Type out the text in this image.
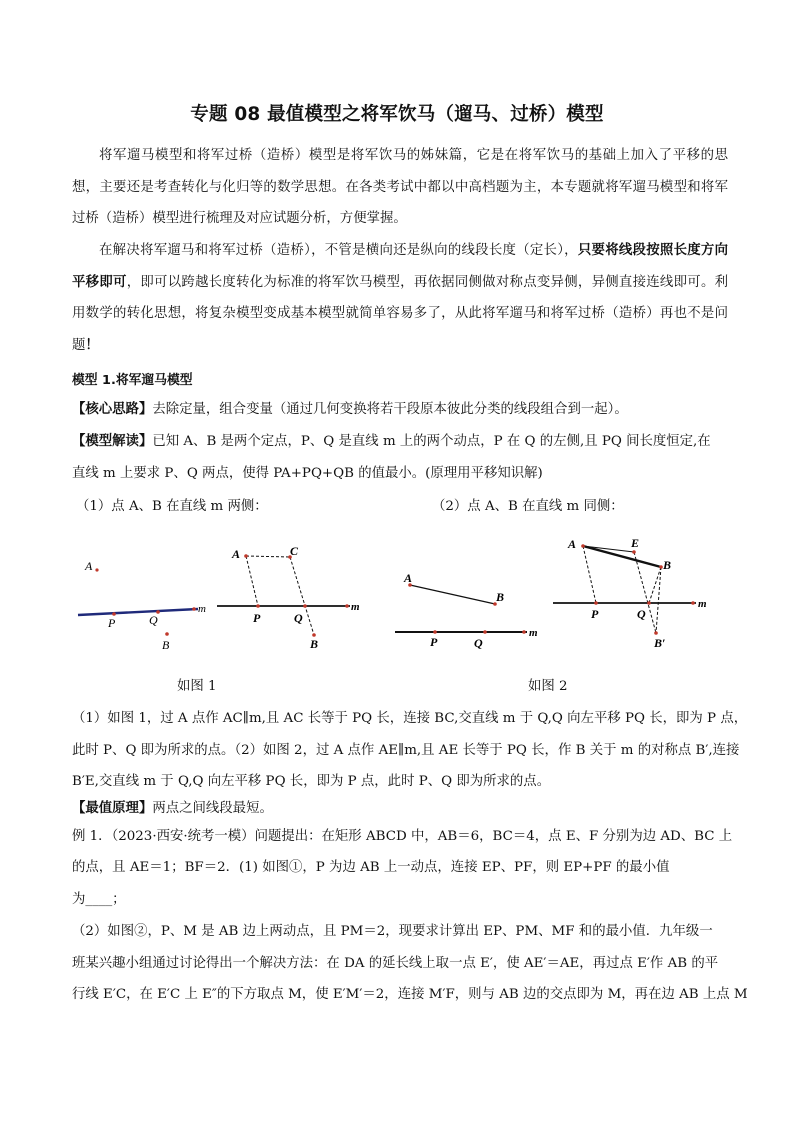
专题 08 最值模型之将军饮马（遛马、过桥）模型
将军遛马模型和将军过桥（造桥）模型是将军饮马的姊妹篇，它是在将军饮马的基础上加入了平移的思想，主要还是考查转化与化归等的数学思想。在各类考试中都以中高档题为主，本专题就将军遛马模型和将军过桥（造桥）模型进行梳理及对应试题分析，方便掌握。
在解决将军遛马和将军过桥（造桥），不管是横向还是纵向的线段长度（定长），只要将线段按照长度方向平移即可，即可以跨越长度转化为标准的将军饮马模型，再依据同侧做对称点变异侧，异侧直接连线即可。利用数学的转化思想，将复杂模型变成基本模型就简单容易多了，从此将军遛马和将军过桥（造桥）再也不是问题！
模型 1.将军遛马模型
【核心思路】去除定量，组合变量（通过几何变换将若干段原本彼此分类的线段组合到一起）。
【模型解读】已知 A、B 是两个定点，P、Q 是直线 m 上的两个动点，P 在 Q 的左侧,且 PQ 间长度恒定,在
直线 m 上要求 P、Q 两点，使得 PA+PQ+QB 的值最小。(原理用平移知识解)
（1）点 A、B 在直线 m 两侧：	（2）点 A、B 在直线 m 同侧：
A
P	Q
B
m
A	C
P	Q
B
m
A
B
P	Q
m
A	E
B
P	Q
B′
m
如图 1	如图 2
（1）如图 1，过 A 点作 AC∥m,且 AC 长等于 PQ 长，连接 BC,交直线 m 于 Q,Q 向左平移 PQ 长，即为 P 点，
此时 P、Q 即为所求的点。（2）如图 2，过 A 点作 AE∥m,且 AE 长等于 PQ 长，作 B 关于 m 的对称点 B′,连接
B′E,交直线 m 于 Q,Q 向左平移 PQ 长，即为 P 点，此时 P、Q 即为所求的点。
【最值原理】两点之间线段最短。
例 1．（2023·西安·统考一模）问题提出：在矩形 ABCD 中，AB＝6，BC＝4，点 E、F 分别为边 AD、BC 上
的点，且 AE＝1；BF＝2．(1) 如图①，P 为边 AB 上一动点，连接 EP、PF，则 EP+PF 的最小值
为____；
（2）如图②，P、M 是 AB 边上两动点，且 PM＝2，现要求计算出 EP、PM、MF 和的最小值．九年级一
班某兴趣小组通过讨论得出一个解决方法：在 DA 的延长线上取一点 E′，使 AE′＝AE，再过点 E′作 AB 的平
行线 E′C，在 E′C 上 E″的下方取点 M，使 E′M′＝2，连接 M′F，则与 AB 边的交点即为 M，再在边 AB 上点 M
